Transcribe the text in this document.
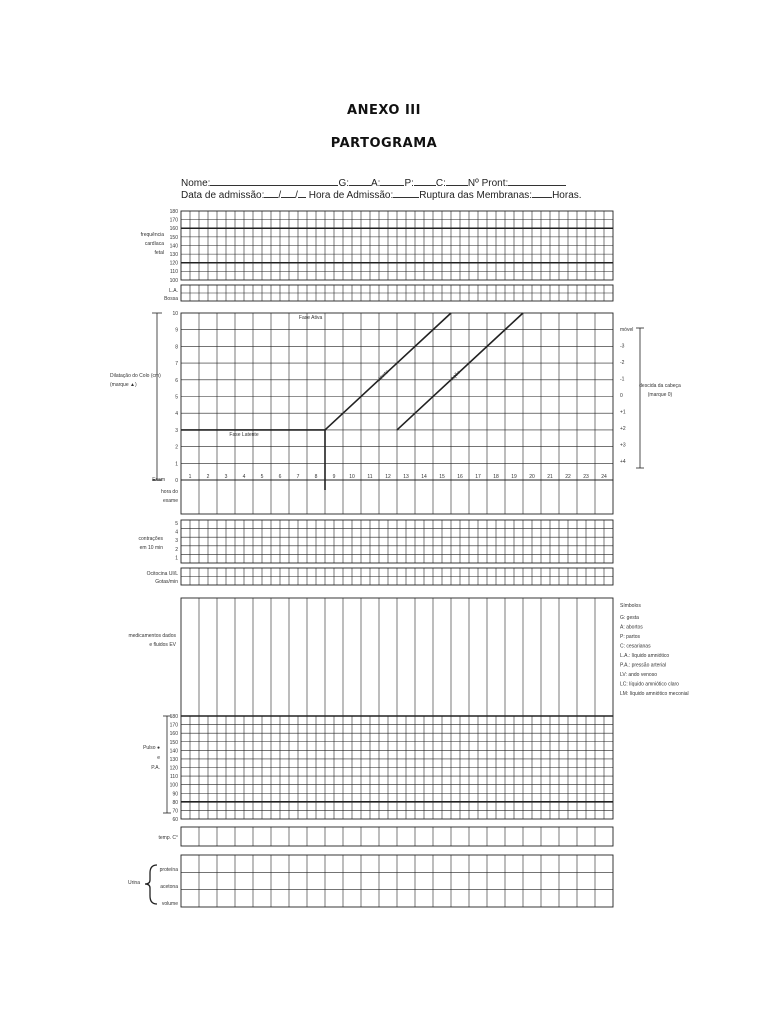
ANEXO III
PARTOGRAMA
Nome:	G: A: P: C: Nº Pront:
Data de admissão: / / Hora de Admissão:	Ruptura das Membranas: Horas.
180
170
160
150
140
130
120
110
100
frequência
cardíaca
fetal
L.A.
Bossa
10
9
8
7
6
5
4
3
2
1
0
Exam	1	2	3	4	5	6	7	8	9	10	11	12 13 14 15 16 17 18 19 20 21 22 23 24
Fase Ativa
Fase Latente
Alerta	Ação
Dilatação do Colo (cm)
(marque ▲)
móvel
-3
-2
-1
0
+1
+2
+3
+4
descida da cabeça
(marque 0)
hora do
exame
5
4
3
2
1
contrações
em 10 min
Ocitocina UI/L
Gotas/min
medicamentos dados
e fluidos EV
Símbolos
G: gesta
A: abortos
P: partos
C: cesarianas
L.A.: líquido amniótico
P.A.: pressão arterial
LV: ando venoso
LC: líquido amniótico claro
LM: líquido amniótico meconial
180
170
160
150
140
130
120
110
100
90
80
70
60
Pulso ●
e
P.A.
temp. C°
proteína
acetona
volume
Urina
